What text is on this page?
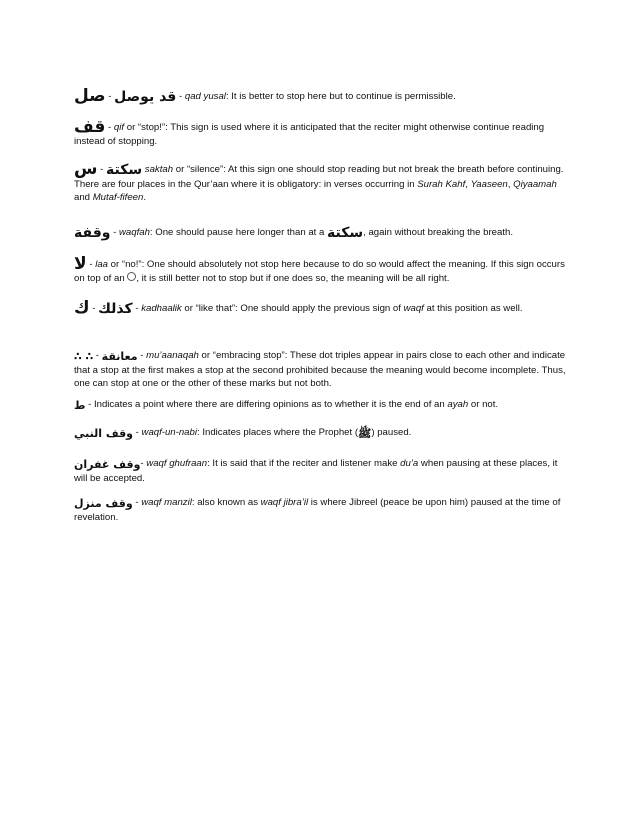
صل - قد يوصل - qad yusal: It is better to stop here but to continue is permissible.
قف - qif or “stop!”: This sign is used where it is anticipated that the reciter might otherwise continue reading instead of stopping.
س - سكتة saktah or “silence”: At this sign one should stop reading but not break the breath before continuing. There are four places in the Qur’aan where it is obligatory: in verses occurring in Surah Kahf, Yaaseen, Qiyaamah and Mutaf-fifeen.
وقفة - waqfah: One should pause here longer than at a سكتة, again without breaking the breath.
لا - laa or “no!”: One should absolutely not stop here because to do so would affect the meaning. If this sign occurs on top of an , it is still better not to stop but if one does so, the meaning will be all right.
ك - كذلك - kadhaalik or “like that”: One should apply the previous sign of waqf at this position as well.
∴ ∴ - معانقة - mu’aanaqah or “embracing stop”: These dot triples appear in pairs close to each other and indicate that a stop at the first makes a stop at the second prohibited because the meaning would become incomplete. Thus, one can stop at one or the other of these marks but not both.
ط - Indicates a point where there are differing opinions as to whether it is the end of an ayah or not.
وقف النبي - waqf-un-nabi: Indicates places where the Prophet (ﷺ) paused.
وقف غفران- waqf ghufraan: It is said that if the reciter and listener make du’a when pausing at these places, it will be accepted.
وقف منزل - waqf manzil: also known as waqf jibra’il is where Jibreel (peace be upon him) paused at the time of revelation.
